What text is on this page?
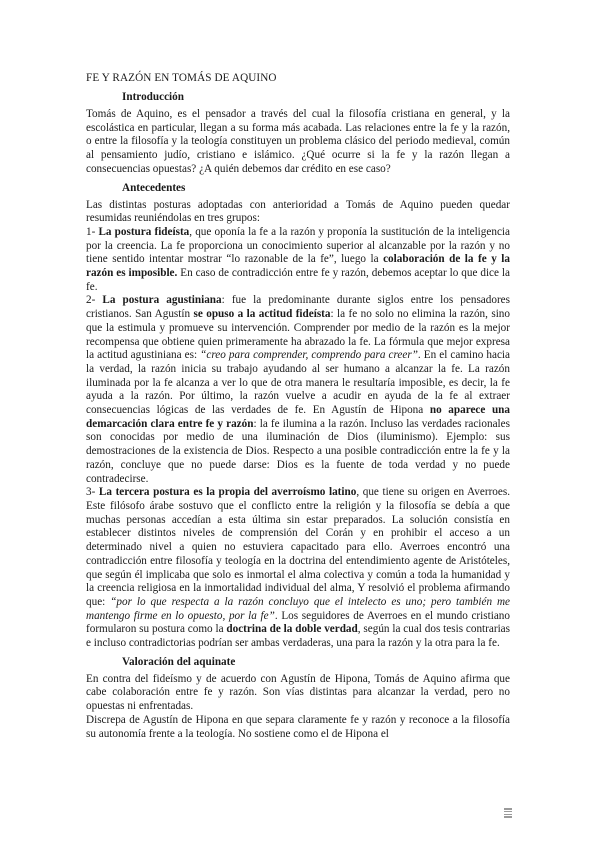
FE Y RAZÓN EN TOMÁS DE AQUINO
Introducción

Tomás de Aquino, es el pensador a través del cual la filosofía cristiana en general, y la escolástica en particular, llegan a su forma más acabada. Las relaciones entre la fe y la razón, o entre la filosofía y la teología constituyen un problema clásico del periodo medieval, común al pensamiento judío, cristiano e islámico. ¿Qué ocurre si la fe y la razón llegan a consecuencias opuestas? ¿A quién debemos dar crédito en ese caso?

Antecedentes

Las distintas posturas adoptadas con anterioridad a Tomás de Aquino pueden quedar resumidas reuniéndolas en tres grupos:

1- La postura fideísta, que oponía la fe a la razón y proponía la sustitución de la inteligencia por la creencia. La fe proporciona un conocimiento superior al alcanzable por la razón y no tiene sentido intentar mostrar “lo razonable de la fe”, luego la colaboración de la fe y la razón es imposible. En caso de contradicción entre fe y razón, debemos aceptar lo que dice la fe.

2- La postura agustiniana: fue la predominante durante siglos entre los pensadores cristianos. San Agustín se opuso a la actitud fideísta: la fe no solo no elimina la razón, sino que la estimula y promueve su intervención. Comprender por medio de la razón es la mejor recompensa que obtiene quien primeramente ha abrazado la fe. La fórmula que mejor expresa la actitud agustiniana es: “creo para comprender, comprendo para creer”. En el camino hacia la verdad, la razón inicia su trabajo ayudando al ser humano a alcanzar la fe. La razón iluminada por la fe alcanza a ver lo que de otra manera le resultaría imposible, es decir, la fe ayuda a la razón. Por último, la razón vuelve a acudir en ayuda de la fe al extraer consecuencias lógicas de las verdades de fe. En Agustín de Hipona no aparece una demarcación clara entre fe y razón: la fe ilumina a la razón. Incluso las verdades racionales son conocidas por medio de una iluminación de Dios (iluminismo). Ejemplo: sus demostraciones de la existencia de Dios. Respecto a una posible contradicción entre la fe y la razón, concluye que no puede darse: Dios es la fuente de toda verdad y no puede contradecirse.

3- La tercera postura es la propia del averroísmo latino, que tiene su origen en Averroes. Este filósofo árabe sostuvo que el conflicto entre la religión y la filosofía se debía a que muchas personas accedían a esta última sin estar preparados. La solución consistía en establecer distintos niveles de comprensión del Corán y en prohibir el acceso a un determinado nivel a quien no estuviera capacitado para ello. Averroes encontró una contradicción entre filosofía y teología en la doctrina del entendimiento agente de Aristóteles, que según él implicaba que solo es inmortal el alma colectiva y común a toda la humanidad y la creencia religiosa en la inmortalidad individual del alma, Y resolvió el problema afirmando que: “por lo que respecta a la razón concluyo que el intelecto es uno; pero también me mantengo firme en lo opuesto, por la fe”. Los seguidores de Averroes en el mundo cristiano formularon su postura como la doctrina de la doble verdad, según la cual dos tesis contrarias e incluso contradictorias podrían ser ambas verdaderas, una para la razón y la otra para la fe.

Valoración del aquinate

En contra del fideísmo y de acuerdo con Agustín de Hipona, Tomás de Aquino afirma que cabe colaboración entre fe y razón. Son vías distintas para alcanzar la verdad, pero no opuestas ni enfrentadas.

Discrepa de Agustín de Hipona en que separa claramente fe y razón y reconoce a la filosofía su autonomía frente a la teología. No sostiene como el de Hipona el
